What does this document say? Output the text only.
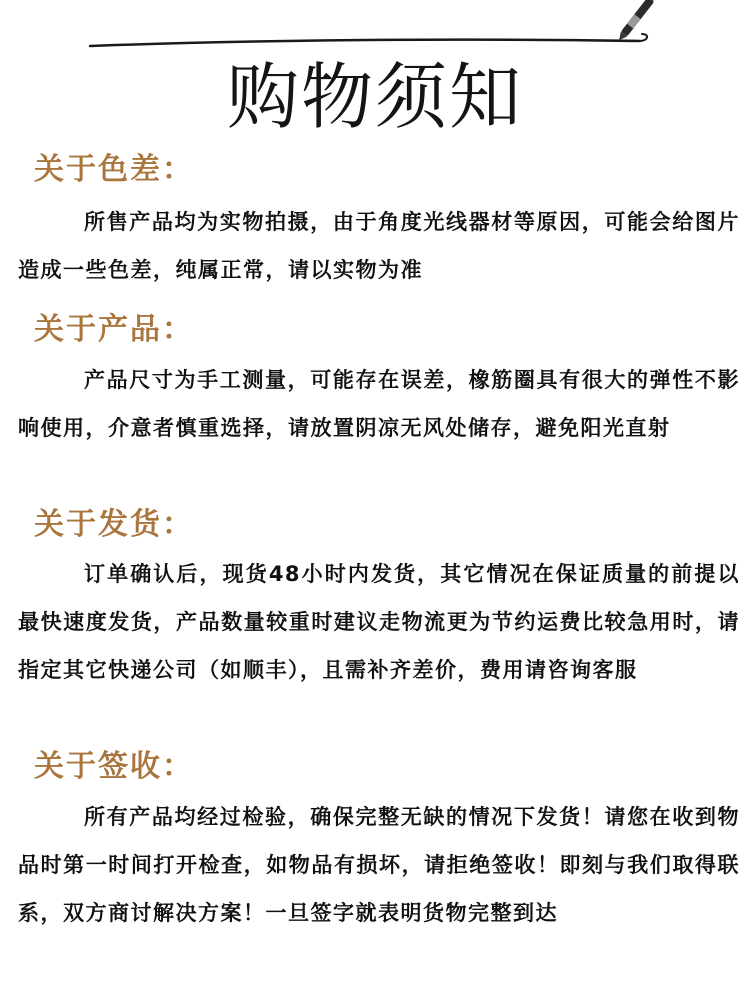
购物须知
关于色差：

所售产品均为实物拍摄，由于角度光线器材等原因，可能会给图片造成一些色差，纯属正常，请以实物为准

关于产品：

产品尺寸为手工测量，可能存在误差，橡筋圈具有很大的弹性不影响使用，介意者慎重选择，请放置阴凉无风处储存，避免阳光直射

关于发货：

订单确认后，现货48小时内发货，其它情况在保证质量的前提以最快速度发货，产品数量较重时建议走物流更为节约运费比较急用时，请指定其它快递公司（如顺丰），且需补齐差价，费用请咨询客服

关于签收：

所有产品均经过检验，确保完整无缺的情况下发货！请您在收到物品时第一时间打开检查，如物品有损坏，请拒绝签收！即刻与我们取得联系，双方商讨解决方案！一旦签字就表明货物完整到达
